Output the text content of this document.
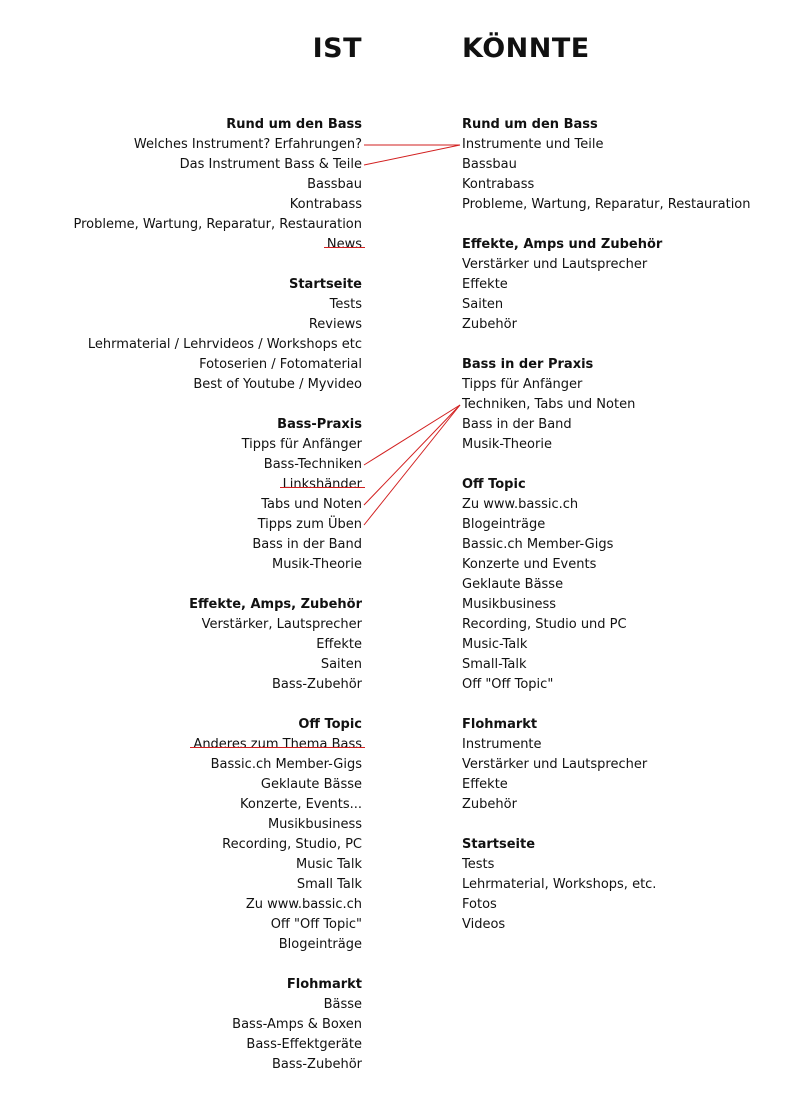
IST	KÖNNTE
Rund um den Bass
Welches Instrument? Erfahrungen?
Das Instrument Bass & Teile
Bassbau
Kontrabass
Probleme, Wartung, Reparatur, Restauration
News
Startseite
Tests
Reviews
Lehrmaterial / Lehrvideos / Workshops etc
Fotoserien / Fotomaterial
Best of Youtube / Myvideo
Bass-Praxis
Tipps für Anfänger
Bass-Techniken
Linkshänder
Tabs und Noten
Tipps zum Üben
Bass in der Band
Musik-Theorie
Effekte, Amps, Zubehör
Verstärker, Lautsprecher
Effekte
Saiten
Bass-Zubehör
Off Topic
Anderes zum Thema Bass
Bassic.ch Member-Gigs
Geklaute Bässe
Konzerte, Events...
Musikbusiness
Recording, Studio, PC
Music Talk
Small Talk
Zu www.bassic.ch
Off "Off Topic"
Blogeinträge
Flohmarkt
Bässe
Bass-Amps & Boxen
Bass-Effektgeräte
Bass-Zubehör
Rund um den Bass
Instrumente und Teile
Bassbau
Kontrabass
Probleme, Wartung, Reparatur, Restauration
Effekte, Amps und Zubehör
Verstärker und Lautsprecher
Effekte
Saiten
Zubehör
Bass in der Praxis
Tipps für Anfänger
Techniken, Tabs und Noten
Bass in der Band
Musik-Theorie
Off Topic
Zu www.bassic.ch
Blogeinträge
Bassic.ch Member-Gigs
Konzerte und Events
Geklaute Bässe
Musikbusiness
Recording, Studio und PC
Music-Talk
Small-Talk
Off "Off Topic"
Flohmarkt
Instrumente
Verstärker und Lautsprecher
Effekte
Zubehör
Startseite
Tests
Lehrmaterial, Workshops, etc.
Fotos
Videos
